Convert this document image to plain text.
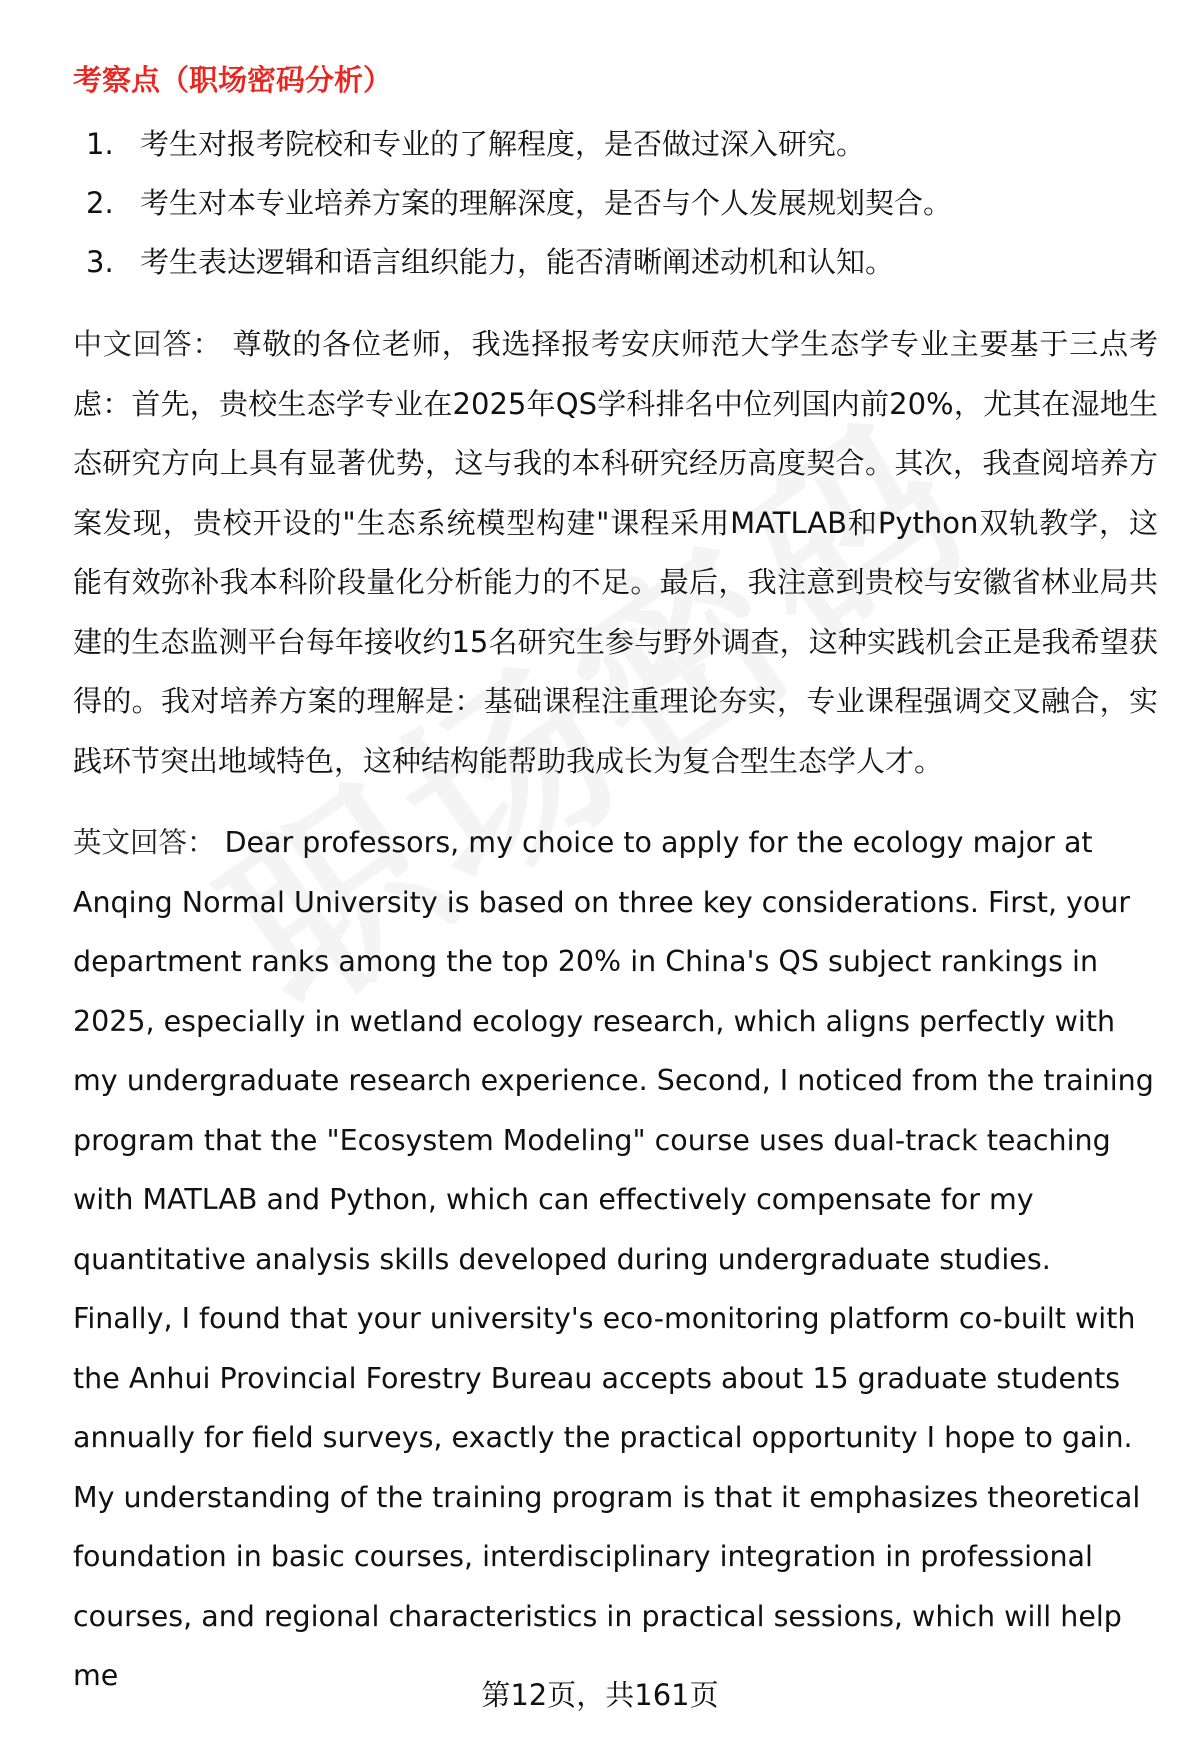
考察点（职场密码分析）
1. 考生对报考院校和专业的了解程度，是否做过深入研究。
2. 考生对本专业培养方案的理解深度，是否与个人发展规划契合。
3. 考生表达逻辑和语言组织能力，能否清晰阐述动机和认知。

中文回答： 尊敬的各位老师，我选择报考安庆师范大学生态学专业主要基于三点考虑：首先，贵校生态学专业在2025年QS学科排名中位列国内前20%，尤其在湿地生态研究方向上具有显著优势，这与我的本科研究经历高度契合。其次，我查阅培养方案发现，贵校开设的"生态系统模型构建"课程采用MATLAB和Python双轨教学，这能有效弥补我本科阶段量化分析能力的不足。最后，我注意到贵校与安徽省林业局共建的生态监测平台每年接收约15名研究生参与野外调查，这种实践机会正是我希望获得的。我对培养方案的理解是：基础课程注重理论夯实，专业课程强调交叉融合，实践环节突出地域特色，这种结构能帮助我成长为复合型生态学人才。

英文回答： Dear professors, my choice to apply for the ecology major at Anqing Normal University is based on three key considerations. First, your department ranks among the top 20% in China's QS subject rankings in 2025, especially in wetland ecology research, which aligns perfectly with my undergraduate research experience. Second, I noticed from the training program that the "Ecosystem Modeling" course uses dual-track teaching with MATLAB and Python, which can effectively compensate for my quantitative analysis skills developed during undergraduate studies. Finally, I found that your university's eco-monitoring platform co-built with the Anhui Provincial Forestry Bureau accepts about 15 graduate students annually for field surveys, exactly the practical opportunity I hope to gain. My understanding of the training program is that it emphasizes theoretical foundation in basic courses, interdisciplinary integration in professional courses, and regional characteristics in practical sessions, which will help me

第12页，共161页
